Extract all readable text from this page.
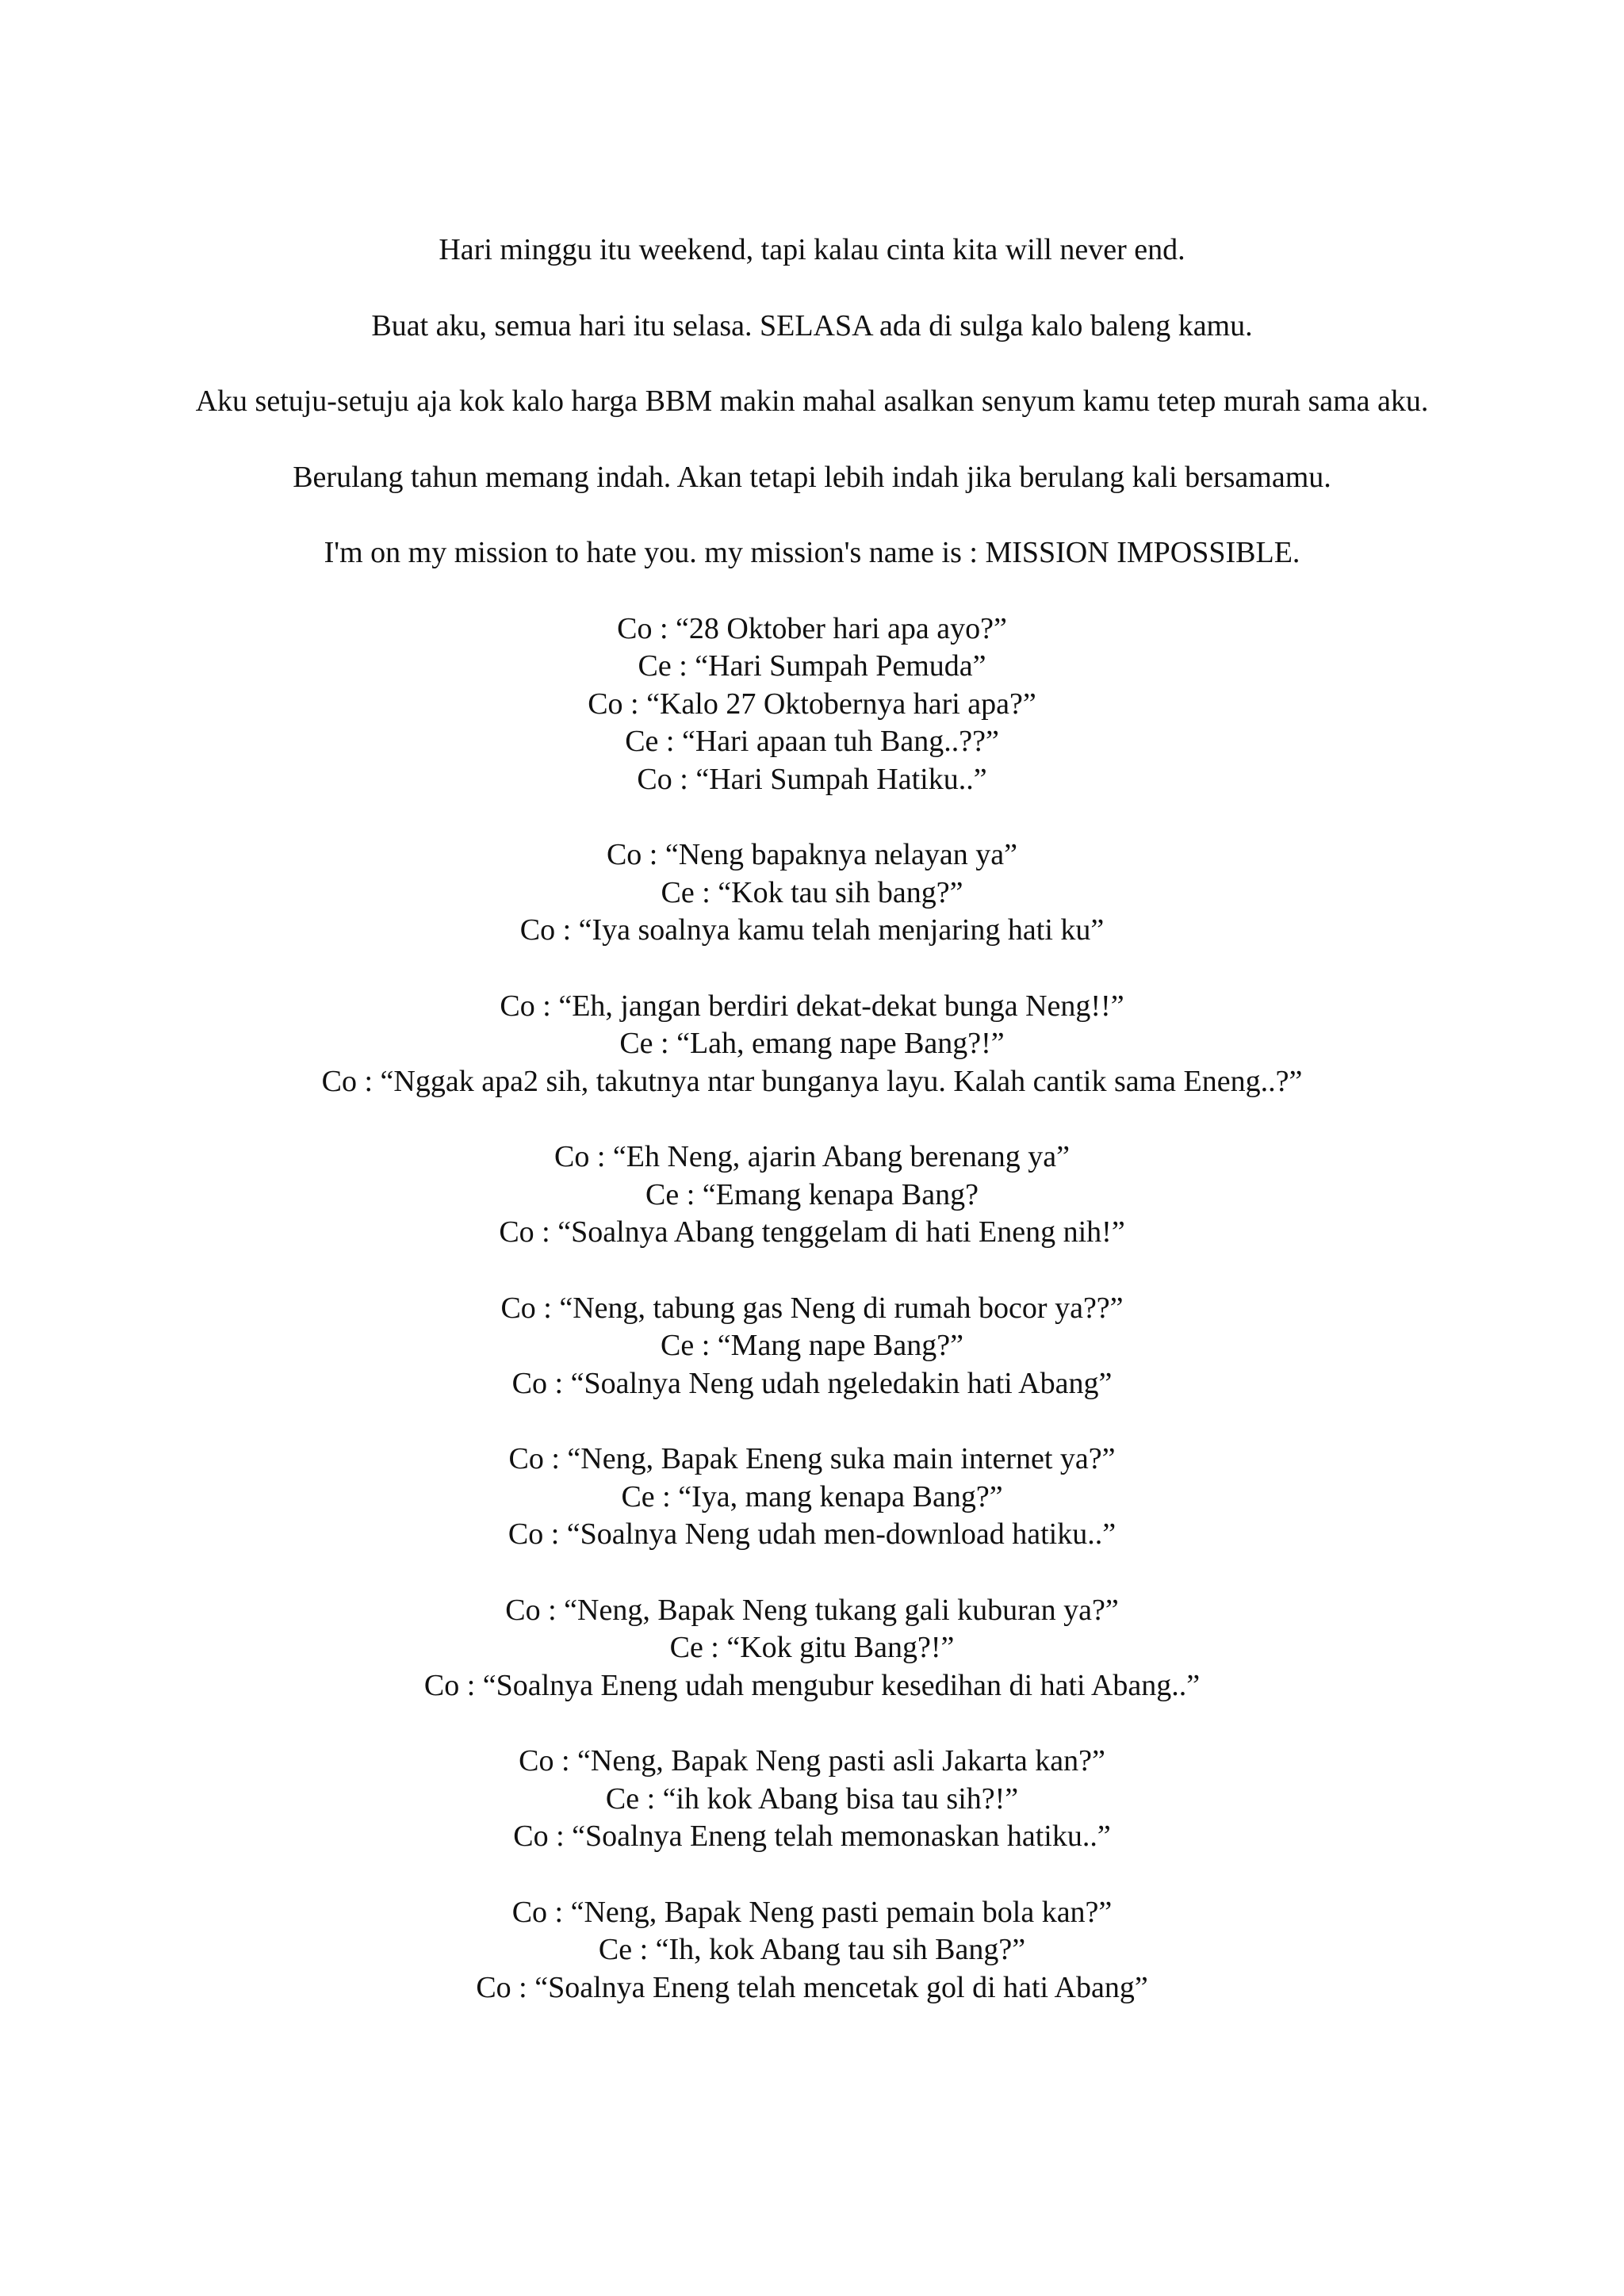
Hari minggu itu weekend, tapi kalau cinta kita will never end.

Buat aku, semua hari itu selasa. SELASA ada di sulga kalo baleng kamu.

Aku setuju-setuju aja kok kalo harga BBM makin mahal asalkan senyum kamu tetep murah sama aku.

Berulang tahun memang indah. Akan tetapi lebih indah jika berulang kali bersamamu.

I'm on my mission to hate you. my mission's name is : MISSION IMPOSSIBLE.

Co : “28 Oktober hari apa ayo?”
Ce : “Hari Sumpah Pemuda”
Co : “Kalo 27 Oktobernya hari apa?”
Ce : “Hari apaan tuh Bang..??”
Co : “Hari Sumpah Hatiku..”
Co : “Neng bapaknya nelayan ya”
Ce : “Kok tau sih bang?”
Co : “Iya soalnya kamu telah menjaring hati ku”
Co : “Eh, jangan berdiri dekat-dekat bunga Neng!!”
Ce : “Lah, emang nape Bang?!”
Co : “Nggak apa2 sih, takutnya ntar bunganya layu. Kalah cantik sama Eneng..?”
Co : “Eh Neng, ajarin Abang berenang ya”
Ce : “Emang kenapa Bang?
Co : “Soalnya Abang tenggelam di hati Eneng nih!”
Co : “Neng, tabung gas Neng di rumah bocor ya??”
Ce : “Mang nape Bang?”
Co : “Soalnya Neng udah ngeledakin hati Abang”
Co : “Neng, Bapak Eneng suka main internet ya?”
Ce : “Iya, mang kenapa Bang?”
Co : “Soalnya Neng udah men-download hatiku..”
Co : “Neng, Bapak Neng tukang gali kuburan ya?”
Ce : “Kok gitu Bang?!”
Co : “Soalnya Eneng udah mengubur kesedihan di hati Abang..”
Co : “Neng, Bapak Neng pasti asli Jakarta kan?”
Ce : “ih kok Abang bisa tau sih?!”
Co : “Soalnya Eneng telah memonaskan hatiku..”
Co : “Neng, Bapak Neng pasti pemain bola kan?”
Ce : “Ih, kok Abang tau sih Bang?”
Co : “Soalnya Eneng telah mencetak gol di hati Abang”
